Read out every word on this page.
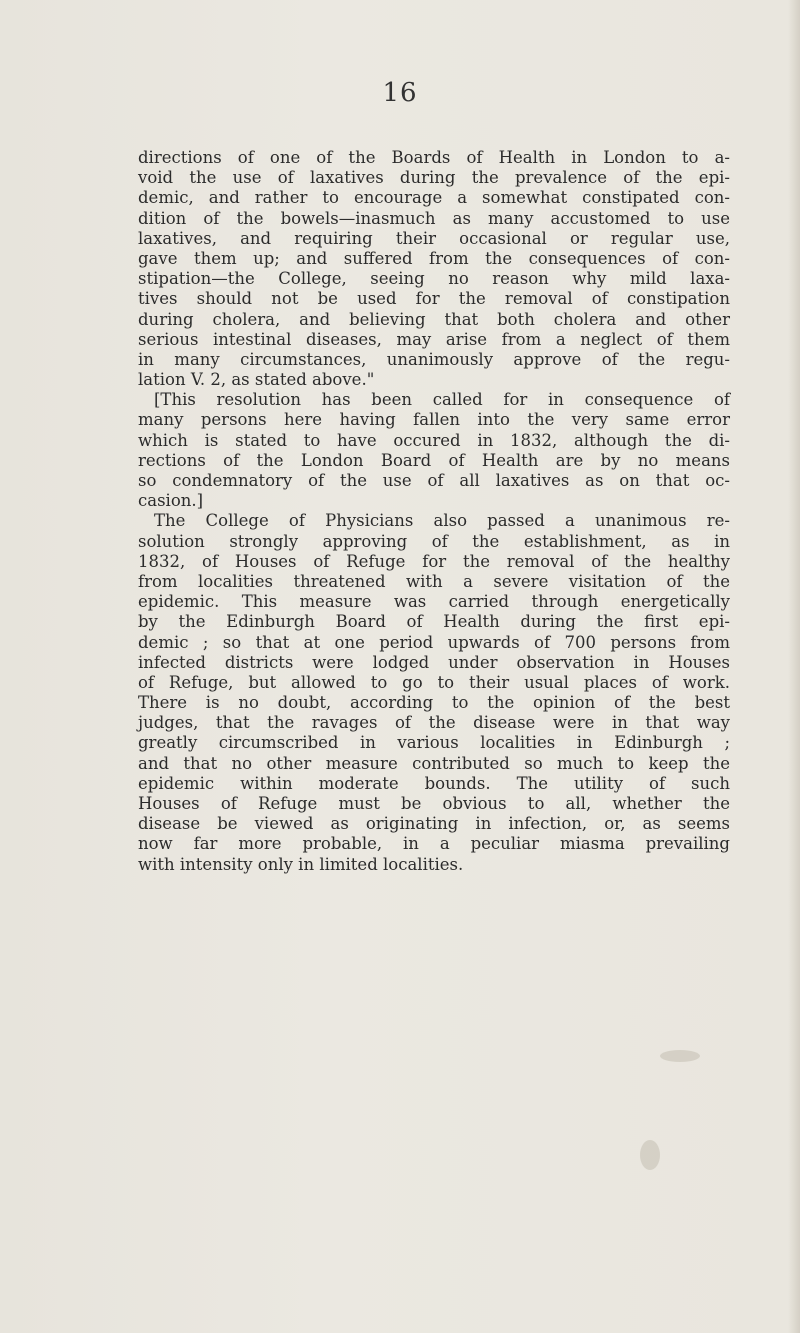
16
directions of one of the Boards of Health in London to a-
void the use of laxatives during the prevalence of the epi-
demic, and rather to encourage a somewhat constipated con-
dition of the bowels—inasmuch as many accustomed to use
laxatives, and requiring their occasional or regular use,
gave them up; and suffered from the consequences of con-
stipation—the College, seeing no reason why mild laxa-
tives should not be used for the removal of constipation
during cholera, and believing that both cholera and other
serious intestinal diseases, may arise from a neglect of them
in many circumstances, unanimously approve of the regu-
lation V. 2, as stated above."
[This resolution has been called for in consequence of
many persons here having fallen into the very same error
which is stated to have occured in 1832, although the di-
rections of the London Board of Health are by no means
so condemnatory of the use of all laxatives as on that oc-
casion.]
The College of Physicians also passed a unanimous re-
solution strongly approving of the establishment, as in
1832, of Houses of Refuge for the removal of the healthy
from localities threatened with a severe visitation of the
epidemic. This measure was carried through energetically
by the Edinburgh Board of Health during the first epi-
demic ; so that at one period upwards of 700 persons from
infected districts were lodged under observation in Houses
of Refuge, but allowed to go to their usual places of work.
There is no doubt, according to the opinion of the best
judges, that the ravages of the disease were in that way
greatly circumscribed in various localities in Edinburgh ;
and that no other measure contributed so much to keep the
epidemic within moderate bounds. The utility of such
Houses of Refuge must be obvious to all, whether the
disease be viewed as originating in infection, or, as seems
now far more probable, in a peculiar miasma prevailing
with intensity only in limited localities.
